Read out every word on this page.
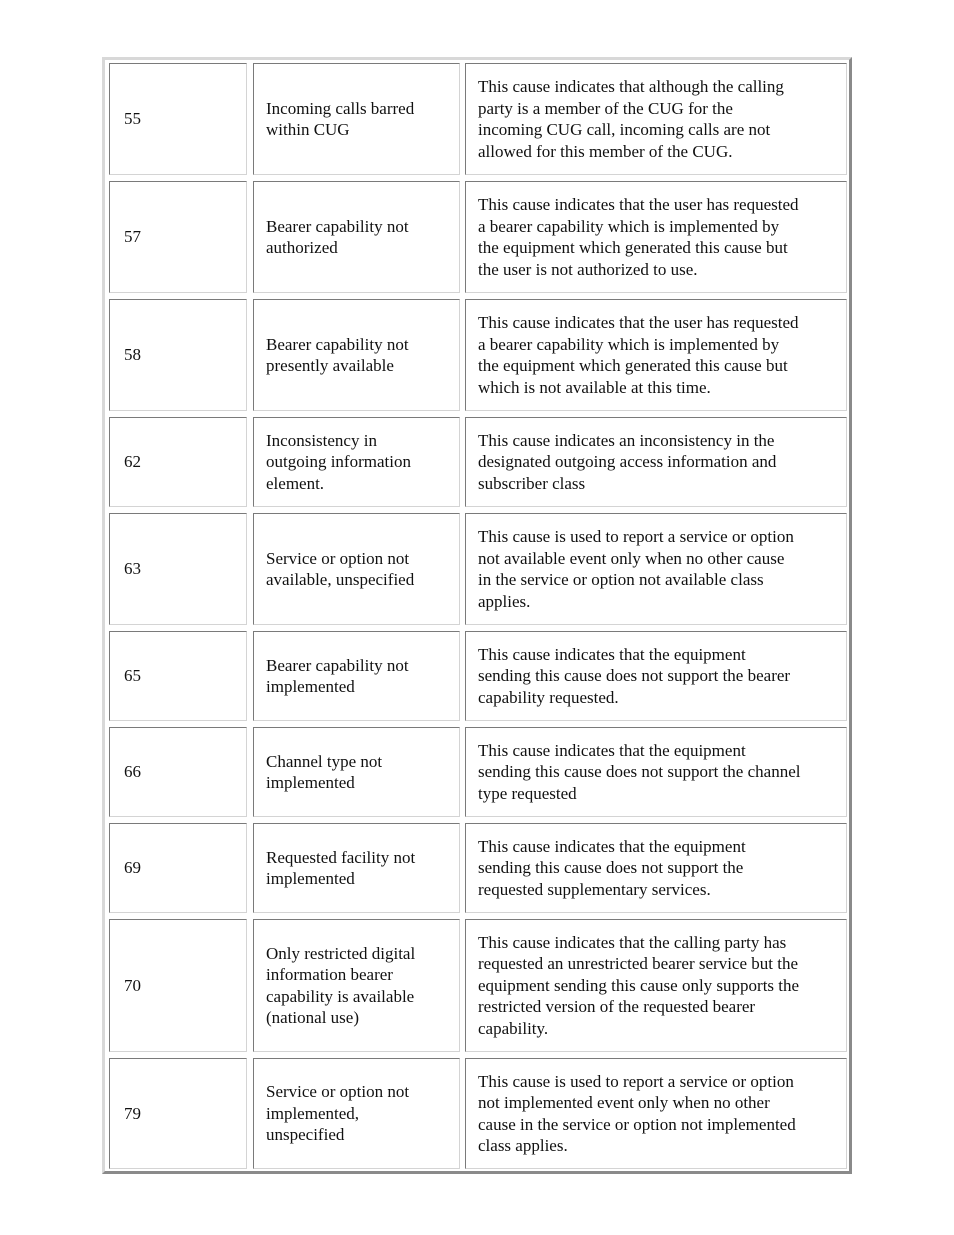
55
Incoming calls barred
within CUG
This cause indicates that although the calling
party is a member of the CUG for the
incoming CUG call, incoming calls are not
allowed for this member of the CUG.
57
Bearer capability not
authorized
This cause indicates that the user has requested
a bearer capability which is implemented by
the equipment which generated this cause but
the user is not authorized to use.
58
Bearer capability not
presently available
This cause indicates that the user has requested
a bearer capability which is implemented by
the equipment which generated this cause but
which is not available at this time.
62
Inconsistency in
outgoing information
element.
This cause indicates an inconsistency in the
designated outgoing access information and
subscriber class
63
Service or option not
available, unspecified
This cause is used to report a service or option
not available event only when no other cause
in the service or option not available class
applies.
65
Bearer capability not
implemented
This cause indicates that the equipment
sending this cause does not support the bearer
capability requested.
66
Channel type not
implemented
This cause indicates that the equipment
sending this cause does not support the channel
type requested
69
Requested facility not
implemented
This cause indicates that the equipment
sending this cause does not support the
requested supplementary services.
70
Only restricted digital
information bearer
capability is available
(national use)
This cause indicates that the calling party has
requested an unrestricted bearer service but the
equipment sending this cause only supports the
restricted version of the requested bearer
capability.
79
Service or option not
implemented,
unspecified
This cause is used to report a service or option
not implemented event only when no other
cause in the service or option not implemented
class applies.
